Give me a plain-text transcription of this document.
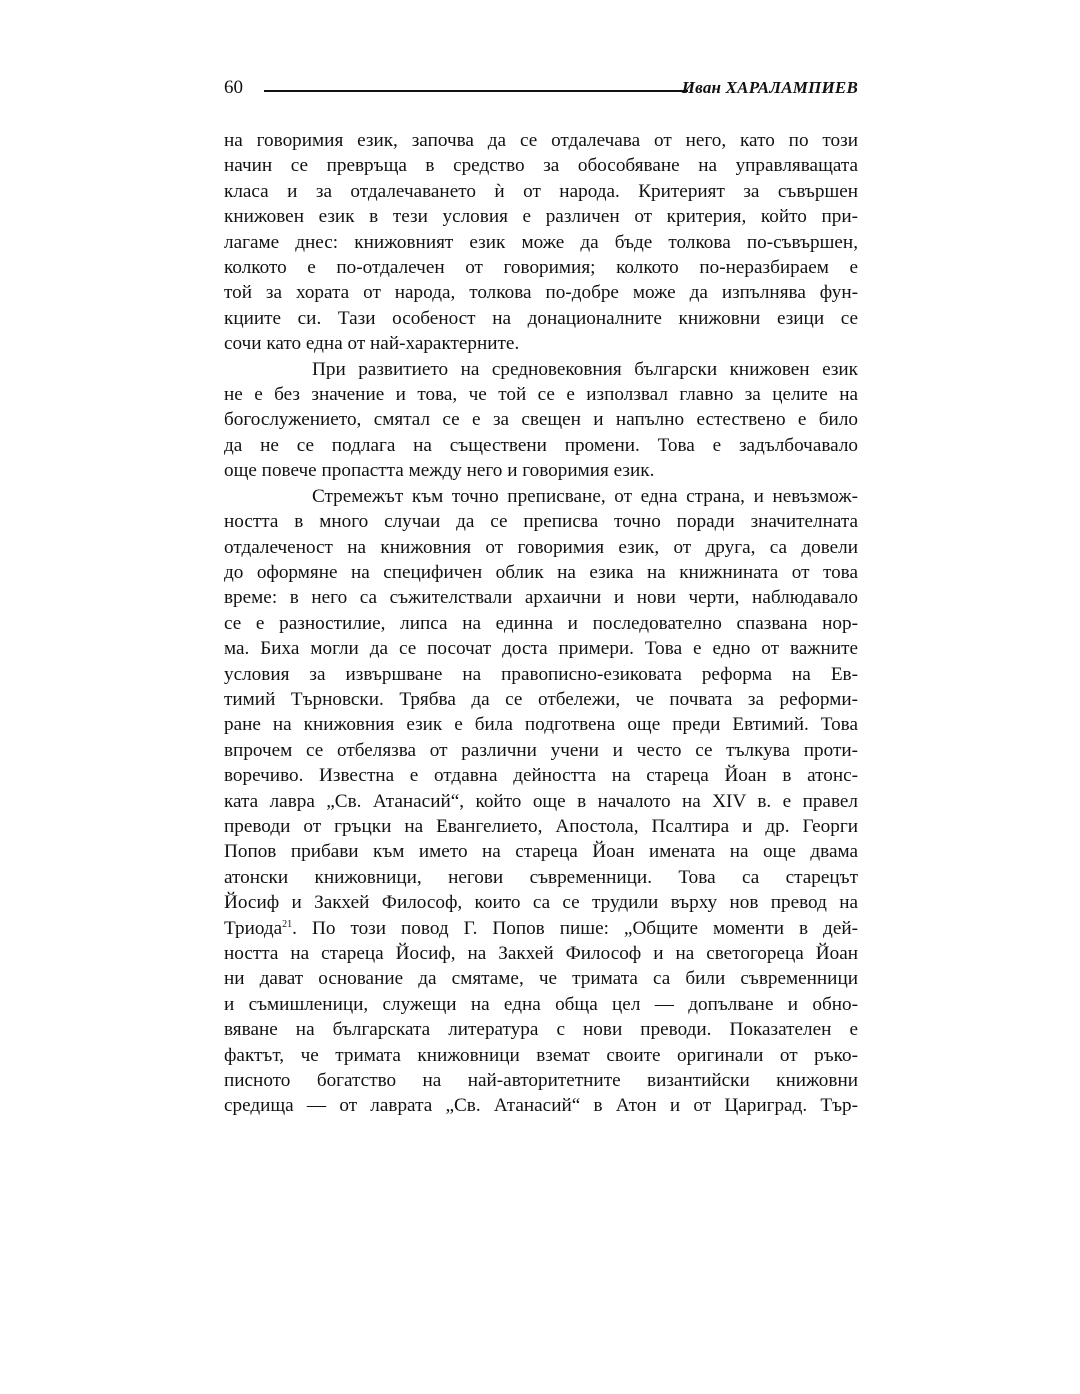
60	Иван ХАРАЛАМПИЕВ
на говоримия език, започва да се отдалечава от него, като по този
начин се превръща в средство за обособяване на управляващата
класа и за отдалечаването ѝ от народа. Критерият за съвършен
книжовен език в тези условия е различен от критерия, който при-
лагаме днес: книжовният език може да бъде толкова по-съвършен,
колкото е по-отдалечен от говоримия; колкото по-неразбираем е
той за хората от народа, толкова по-добре може да изпълнява фун-
кциите си. Тази особеност на донационалните книжовни езици се
сочи като една от най-характерните.
При развитието на средновековния български книжовен език
не е без значение и това, че той се е използвал главно за целите на
богослужението, смятал се е за свещен и напълно естествено е било
да не се подлага на съществени промени. Това е задълбочавало
още повече пропастта между него и говоримия език.
Стремежът към точно преписване, от една страна, и невъзмож-
ността в много случаи да се преписва точно поради значителната
отдалеченост на книжовния от говоримия език, от друга, са довели
до оформяне на специфичен облик на езика на книжнината от това
време: в него са съжителствали архаични и нови черти, наблюдавало
се е разностилие, липса на единна и последователно спазвана нор-
ма. Биха могли да се посочат доста примери. Това е едно от важните
условия за извършване на правописно-езиковата реформа на Ев-
тимий Търновски. Трябва да се отбележи, че почвата за реформи-
ране на книжовния език е била подготвена още преди Евтимий. Това
впрочем се отбелязва от различни учени и често се тълкува проти-
воречиво. Известна е отдавна дейността на стареца Йоан в атонс-
ката лавра „Св. Атанасий“, който още в началото на XIV в. е правел
преводи от гръцки на Евангелието, Апостола, Псалтира и др. Георги
Попов прибави към името на стареца Йоан имената на още двама
атонски книжовници, негови съвременници. Това са старецът
Йосиф и Закхей Философ, които са се трудили върху нов превод на
Триода$^{21}$. По този повод Г. Попов пише: „Общите моменти в дей-
ността на стареца Йосиф, на Закхей Философ и на светогореца Йоан
ни дават основание да смятаме, че тримата са били съвременници
и съмишленици, служещи на една обща цел — допълване и обно-
вяване на българската литература с нови преводи. Показателен е
фактът, че тримата книжовници вземат своите оригинали от ръко-
писното богатство на най-авторитетните византийски книжовни
средища — от лаврата „Св. Атанасий“ в Атон и от Цариград. Тър-
